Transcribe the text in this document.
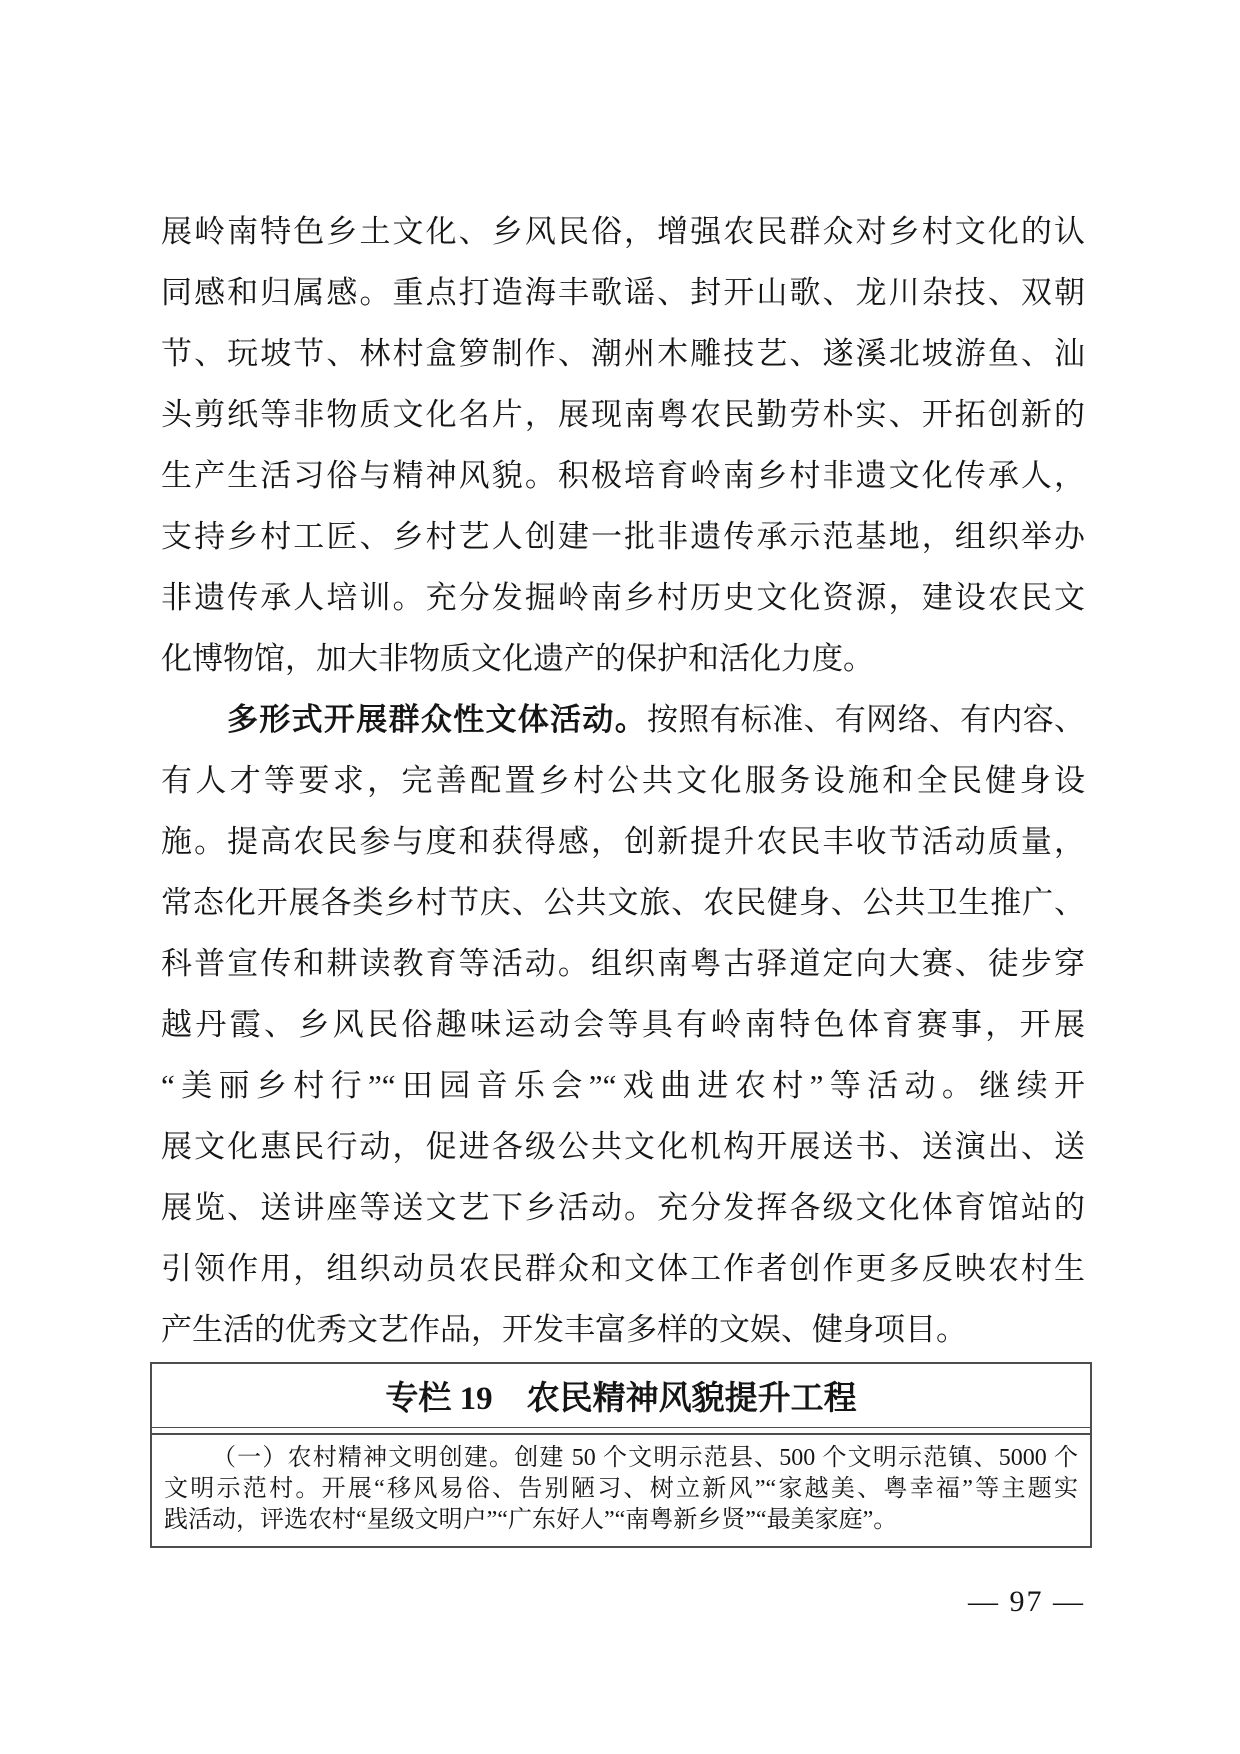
展岭南特色乡土文化、乡风民俗，增强农民群众对乡村文化的认
同感和归属感。重点打造海丰歌谣、封开山歌、龙川杂技、双朝
节、玩坡节、林村盒箩制作、潮州木雕技艺、遂溪北坡游鱼、汕
头剪纸等非物质文化名片，展现南粤农民勤劳朴实、开拓创新的
生产生活习俗与精神风貌。积极培育岭南乡村非遗文化传承人，
支持乡村工匠、乡村艺人创建一批非遗传承示范基地，组织举办
非遗传承人培训。充分发掘岭南乡村历史文化资源，建设农民文
化博物馆，加大非物质文化遗产的保护和活化力度。
多形式开展群众性文体活动。按照有标准、有网络、有内容、
有人才等要求，完善配置乡村公共文化服务设施和全民健身设
施。提高农民参与度和获得感，创新提升农民丰收节活动质量，
常态化开展各类乡村节庆、公共文旅、农民健身、公共卫生推广、
科普宣传和耕读教育等活动。组织南粤古驿道定向大赛、徒步穿
越丹霞、乡风民俗趣味运动会等具有岭南特色体育赛事，开展
“美丽乡村行”“田园音乐会”“戏曲进农村”等活动。继续开
展文化惠民行动，促进各级公共文化机构开展送书、送演出、送
展览、送讲座等送文艺下乡活动。充分发挥各级文化体育馆站的
引领作用，组织动员农民群众和文体工作者创作更多反映农村生
产生活的优秀文艺作品，开发丰富多样的文娱、健身项目。
专栏 19 农民精神风貌提升工程
（一）农村精神文明创建。创建 50 个文明示范县、500 个文明示范镇、5000 个
文明示范村。开展“移风易俗、告别陋习、树立新风”“家越美、粤幸福”等主题实
践活动，评选农村“星级文明户”“广东好人”“南粤新乡贤”“最美家庭”。
— 97 —
